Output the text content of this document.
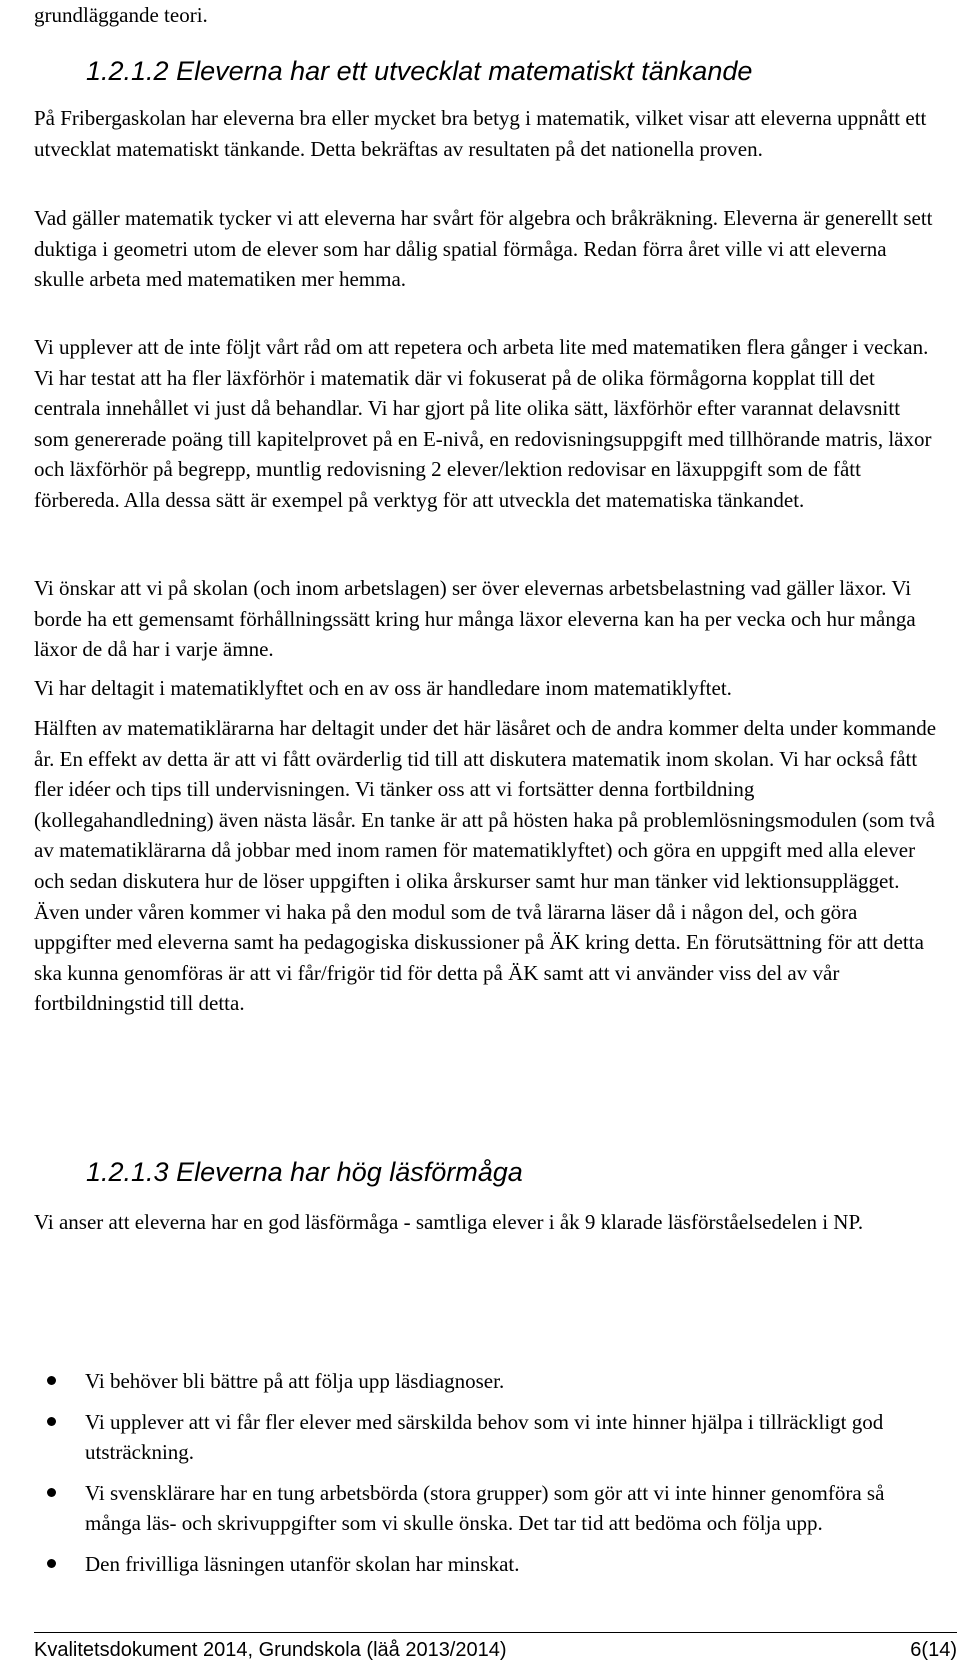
grundläggande teori.

1.2.1.2 Eleverna har ett utvecklat matematiskt tänkande

På Fribergaskolan har eleverna bra eller mycket bra betyg i matematik, vilket visar att eleverna uppnått ett utvecklat matematiskt tänkande. Detta bekräftas av resultaten på det nationella proven.

Vad gäller matematik tycker vi att eleverna har svårt för algebra och bråkräkning. Eleverna är generellt sett duktiga i geometri utom de elever som har dålig spatial förmåga. Redan förra året ville vi att eleverna skulle arbeta med matematiken mer hemma.

Vi upplever att de inte följt vårt råd om att repetera och arbeta lite med matematiken flera gånger i veckan. Vi har testat att ha fler läxförhör i matematik där vi fokuserat på de olika förmågorna kopplat till det centrala innehållet vi just då behandlar. Vi har gjort på lite olika sätt, läxförhör efter varannat delavsnitt som genererade poäng till kapitelprovet på en E-nivå, en redovisningsuppgift med tillhörande matris, läxor och läxförhör på begrepp, muntlig redovisning 2 elever/lektion redovisar en läxuppgift som de fått förbereda. Alla dessa sätt är exempel på verktyg för att utveckla det matematiska tänkandet.

Vi önskar att vi på skolan (och inom arbetslagen) ser över elevernas arbetsbelastning vad gäller läxor. Vi borde ha ett gemensamt förhållningssätt kring hur många läxor eleverna kan ha per vecka och hur många läxor de då har i varje ämne.

Vi har deltagit i matematiklyftet och en av oss är handledare inom matematiklyftet.

Hälften av matematiklärarna har deltagit under det här läsåret och de andra kommer delta under kommande år. En effekt av detta är att vi fått ovärderlig tid till att diskutera matematik inom skolan. Vi har också fått fler idéer och tips till undervisningen. Vi tänker oss att vi fortsätter denna fortbildning (kollegahandledning) även nästa läsår. En tanke är att på hösten haka på problemlösningsmodulen (som två av matematiklärarna då jobbar med inom ramen för matematiklyftet) och göra en uppgift med alla elever och sedan diskutera hur de löser uppgiften i olika årskurser samt hur man tänker vid lektionsupplägget. Även under våren kommer vi haka på den modul som de två lärarna läser då i någon del, och göra uppgifter med eleverna samt ha pedagogiska diskussioner på ÄK kring detta. En förutsättning för att detta ska kunna genomföras är att vi får/frigör tid för detta på ÄK samt att vi använder viss del av vår fortbildningstid till detta.

1.2.1.3 Eleverna har hög läsförmåga

Vi anser att eleverna har en god läsförmåga - samtliga elever i åk 9 klarade läsförståelsedelen i NP.

Vi behöver bli bättre på att följa upp läsdiagnoser.
Vi upplever att vi får fler elever med särskilda behov som vi inte hinner hjälpa i tillräckligt god utsträckning.
Vi svensklärare har en tung arbetsbörda (stora grupper) som gör att vi inte hinner genomföra så många läs- och skrivuppgifter som vi skulle önska. Det tar tid att bedöma och följa upp.
Den frivilliga läsningen utanför skolan har minskat.
Kvalitetsdokument 2014, Grundskola (läå 2013/2014)	6(14)
